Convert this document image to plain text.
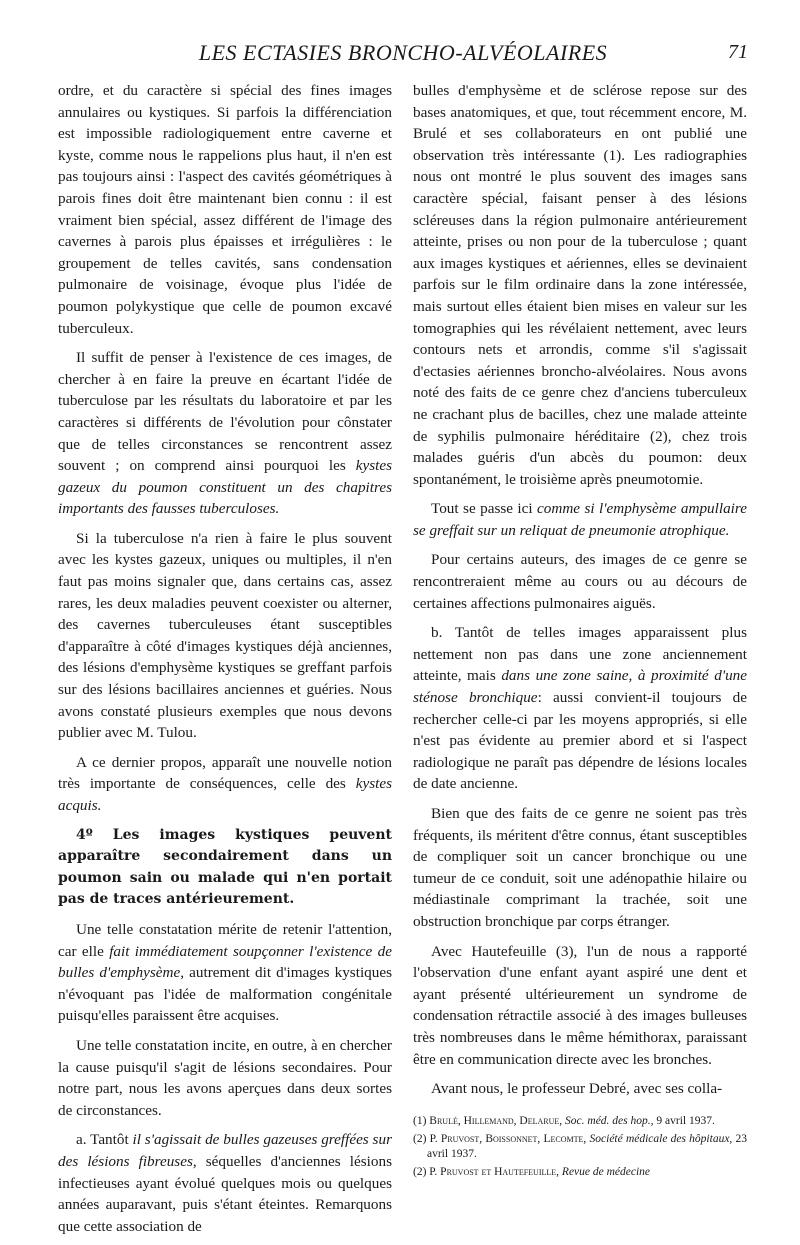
LES ECTASIES BRONCHO-ALVÉOLAIRES	71

ordre, et du caractère si spécial des fines images annulaires ou kystiques. Si parfois la différenciation est impossible radiologiquement entre caverne et kyste, comme nous le rappelions plus haut, il n'en est pas toujours ainsi : l'aspect des cavités géométriques à parois fines doit être maintenant bien connu : il est vraiment bien spécial, assez différent de l'image des cavernes à parois plus épaisses et irrégulières : le groupement de telles cavités, sans condensation pulmonaire de voisinage, évoque plus l'idée de poumon polykystique que celle de poumon excavé tuberculeux.

Il suffit de penser à l'existence de ces images, de chercher à en faire la preuve en écartant l'idée de tuberculose par les résultats du laboratoire et par les caractères si différents de l'évolution pour cônstater que de telles circonstances se rencontrent assez souvent ; on comprend ainsi pourquoi les kystes gazeux du poumon constituent un des chapitres importants des fausses tuberculoses.

Si la tuberculose n'a rien à faire le plus souvent avec les kystes gazeux, uniques ou multiples, il n'en faut pas moins signaler que, dans certains cas, assez rares, les deux maladies peuvent coexister ou alterner, des cavernes tuberculeuses étant susceptibles d'apparaître à côté d'images kystiques déjà anciennes, des lésions d'emphysème kystiques se greffant parfois sur des lésions bacillaires anciennes et guéries. Nous avons constaté plusieurs exemples que nous devons publier avec M. Tulou.

A ce dernier propos, apparaît une nouvelle notion très importante de conséquences, celle des kystes acquis.

4º Les images kystiques peuvent apparaître secondairement dans un poumon sain ou malade qui n'en portait pas de traces antérieurement.

Une telle constatation mérite de retenir l'attention, car elle fait immédiatement soupçonner l'existence de bulles d'emphysème, autrement dit d'images kystiques n'évoquant pas l'idée de malformation congénitale puisqu'elles paraissent être acquises.

Une telle constatation incite, en outre, à en chercher la cause puisqu'il s'agit de lésions secondaires. Pour notre part, nous les avons aperçues dans deux sortes de circonstances.

a. Tantôt il s'agissait de bulles gazeuses greffées sur des lésions fibreuses, séquelles d'anciennes lésions infectieuses ayant évolué quelques mois ou quelques années auparavant, puis s'étant éteintes. Remarquons que cette association de

bulles d'emphysème et de sclérose repose sur des bases anatomiques, et que, tout récemment encore, M. Brulé et ses collaborateurs en ont publié une observation très intéressante (1). Les radiographies nous ont montré le plus souvent des images sans caractère spécial, faisant penser à des lésions scléreuses dans la région pulmonaire antérieurement atteinte, prises ou non pour de la tuberculose ; quant aux images kystiques et aériennes, elles se devinaient parfois sur le film ordinaire dans la zone intéressée, mais surtout elles étaient bien mises en valeur sur les tomographies qui les révélaient nettement, avec leurs contours nets et arrondis, comme s'il s'agissait d'ectasies aériennes broncho-alvéolaires. Nous avons noté des faits de ce genre chez d'anciens tuberculeux ne crachant plus de bacilles, chez une malade atteinte de syphilis pulmonaire héréditaire (2), chez trois malades guéris d'un abcès du poumon: deux spontanément, le troisième après pneumotomie.

Tout se passe ici comme si l'emphysème ampullaire se greffait sur un reliquat de pneumonie atrophique.

Pour certains auteurs, des images de ce genre se rencontreraient même au cours ou au décours de certaines affections pulmonaires aiguës.

b. Tantôt de telles images apparaissent plus nettement non pas dans une zone anciennement atteinte, mais dans une zone saine, à proximité d'une sténose bronchique: aussi convient-il toujours de rechercher celle-ci par les moyens appropriés, si elle n'est pas évidente au premier abord et si l'aspect radiologique ne paraît pas dépendre de lésions locales de date ancienne.

Bien que des faits de ce genre ne soient pas très fréquents, ils méritent d'être connus, étant susceptibles de compliquer soit un cancer bronchique ou une tumeur de ce conduit, soit une adénopathie hilaire ou médiastinale comprimant la trachée, soit une obstruction bronchique par corps étranger.

Avec Hautefeuille (3), l'un de nous a rapporté l'observation d'une enfant ayant aspiré une dent et ayant présenté ultérieurement un syndrome de condensation rétractile associé à des images bulleuses très nombreuses dans le même hémithorax, paraissant être en communication directe avec les bronches.

Avant nous, le professeur Debré, avec ses colla-

(1) Brulé, Hillemand, Delarue, Soc. méd. des hop., 9 avril 1937.

(2) P. Pruvost, Boissonnet, Lecomte, Société médicale des hôpitaux, 23 avril 1937.

(2) P. Pruvost et Hautefeuille, Revue de médecine
